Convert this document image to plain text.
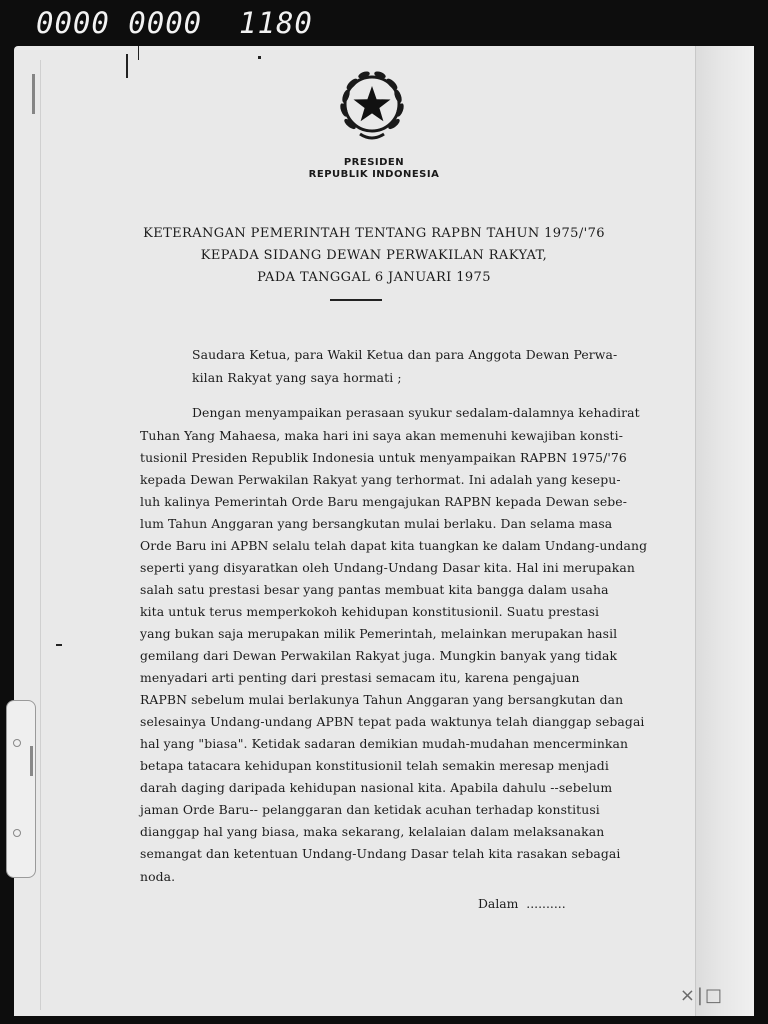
0000 0000  1180
PRESIDEN
REPUBLIK INDONESIA
KETERANGAN PEMERINTAH TENTANG RAPBN TAHUN 1975/'76
KEPADA SIDANG DEWAN PERWAKILAN RAKYAT,
PADA TANGGAL 6 JANUARI 1975
Saudara Ketua, para Wakil Ketua dan para Anggota Dewan Perwa-
kilan Rakyat yang saya hormati ;
Dengan menyampaikan perasaan syukur sedalam-dalamnya kehadirat
Tuhan Yang Mahaesa, maka hari ini saya akan memenuhi kewajiban konsti-
tusionil Presiden Republik Indonesia untuk menyampaikan RAPBN 1975/'76
kepada Dewan Perwakilan Rakyat yang terhormat. Ini adalah yang kesepu-
luh kalinya Pemerintah Orde Baru mengajukan RAPBN kepada Dewan sebe-
lum Tahun Anggaran yang bersangkutan mulai berlaku. Dan selama masa
Orde Baru ini APBN selalu telah dapat kita tuangkan ke dalam Undang-undang
seperti yang disyaratkan oleh Undang-Undang Dasar kita. Hal ini merupakan
salah satu prestasi besar yang pantas membuat kita bangga dalam usaha
kita untuk terus memperkokoh kehidupan konstitusionil. Suatu prestasi
yang bukan saja merupakan milik Pemerintah, melainkan merupakan hasil
gemilang dari Dewan Perwakilan Rakyat juga. Mungkin banyak yang tidak
menyadari arti penting dari prestasi semacam itu, karena pengajuan
RAPBN sebelum mulai berlakunya Tahun Anggaran yang bersangkutan dan
selesainya Undang-undang APBN tepat pada waktunya telah dianggap sebagai
hal yang "biasa". Ketidak sadaran demikian mudah-mudahan mencerminkan
betapa tatacara kehidupan konstitusionil telah semakin meresap menjadi
darah daging daripada kehidupan nasional kita. Apabila dahulu --sebelum
jaman Orde Baru-- pelanggaran dan ketidak acuhan terhadap konstitusi
dianggap hal yang biasa, maka sekarang, kelalaian dalam melaksanakan
semangat dan ketentuan Undang-Undang Dasar telah kita rasakan sebagai
noda.
Dalam  ..........
×|□
